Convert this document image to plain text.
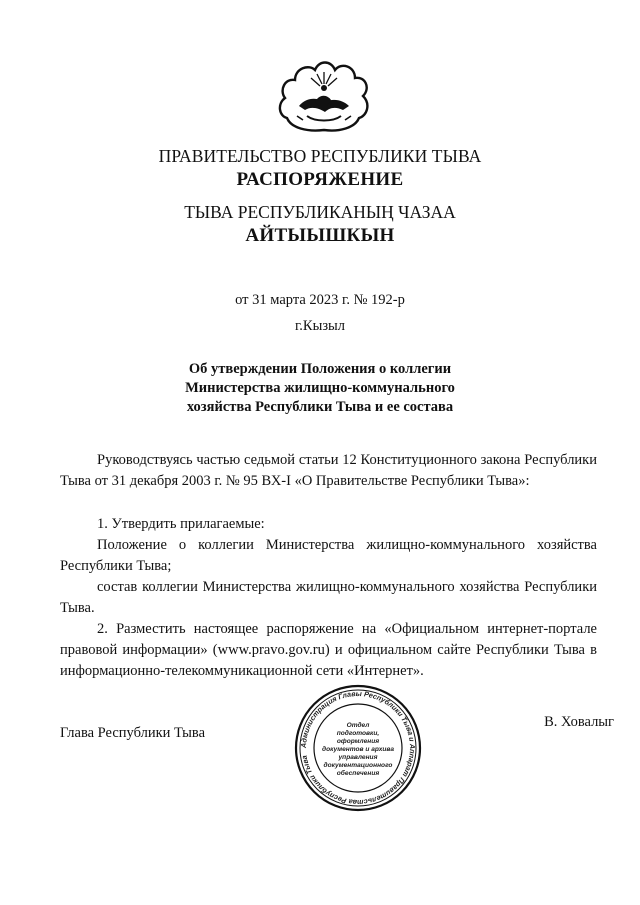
ПРАВИТЕЛЬСТВО РЕСПУБЛИКИ ТЫВА
РАСПОРЯЖЕНИЕ
ТЫВА РЕСПУБЛИКАНЫҢ ЧАЗАА
АЙТЫЫШКЫН
от 31 марта 2023 г. № 192-р
г.Кызыл
Об утверждении Положения о коллегии
Министерства жилищно-коммунального
хозяйства Республики Тыва и ее состава

Руководствуясь частью седьмой статьи 12 Конституционного закона Республики Тыва от 31 декабря 2003 г. № 95 ВХ-I «О Правительстве Республики Тыва»:

1. Утвердить прилагаемые:

Положение о коллегии Министерства жилищно-коммунального хозяйства Республики Тыва;

состав коллегии Министерства жилищно-коммунального хозяйства Республики Тыва.

2. Разместить настоящее распоряжение на «Официальном интернет-портале правовой информации» (www.pravo.gov.ru) и официальном сайте Республики Тыва в информационно-телекоммуникационной сети «Интернет».

Глава Республики Тыва
Администрация Главы Республики Тыва и Аппарат Правительства Республики Тыва
Отдел
подготовки,
оформления
документов и архива
управления
документационного
обеспечения
В. Ховалыг
